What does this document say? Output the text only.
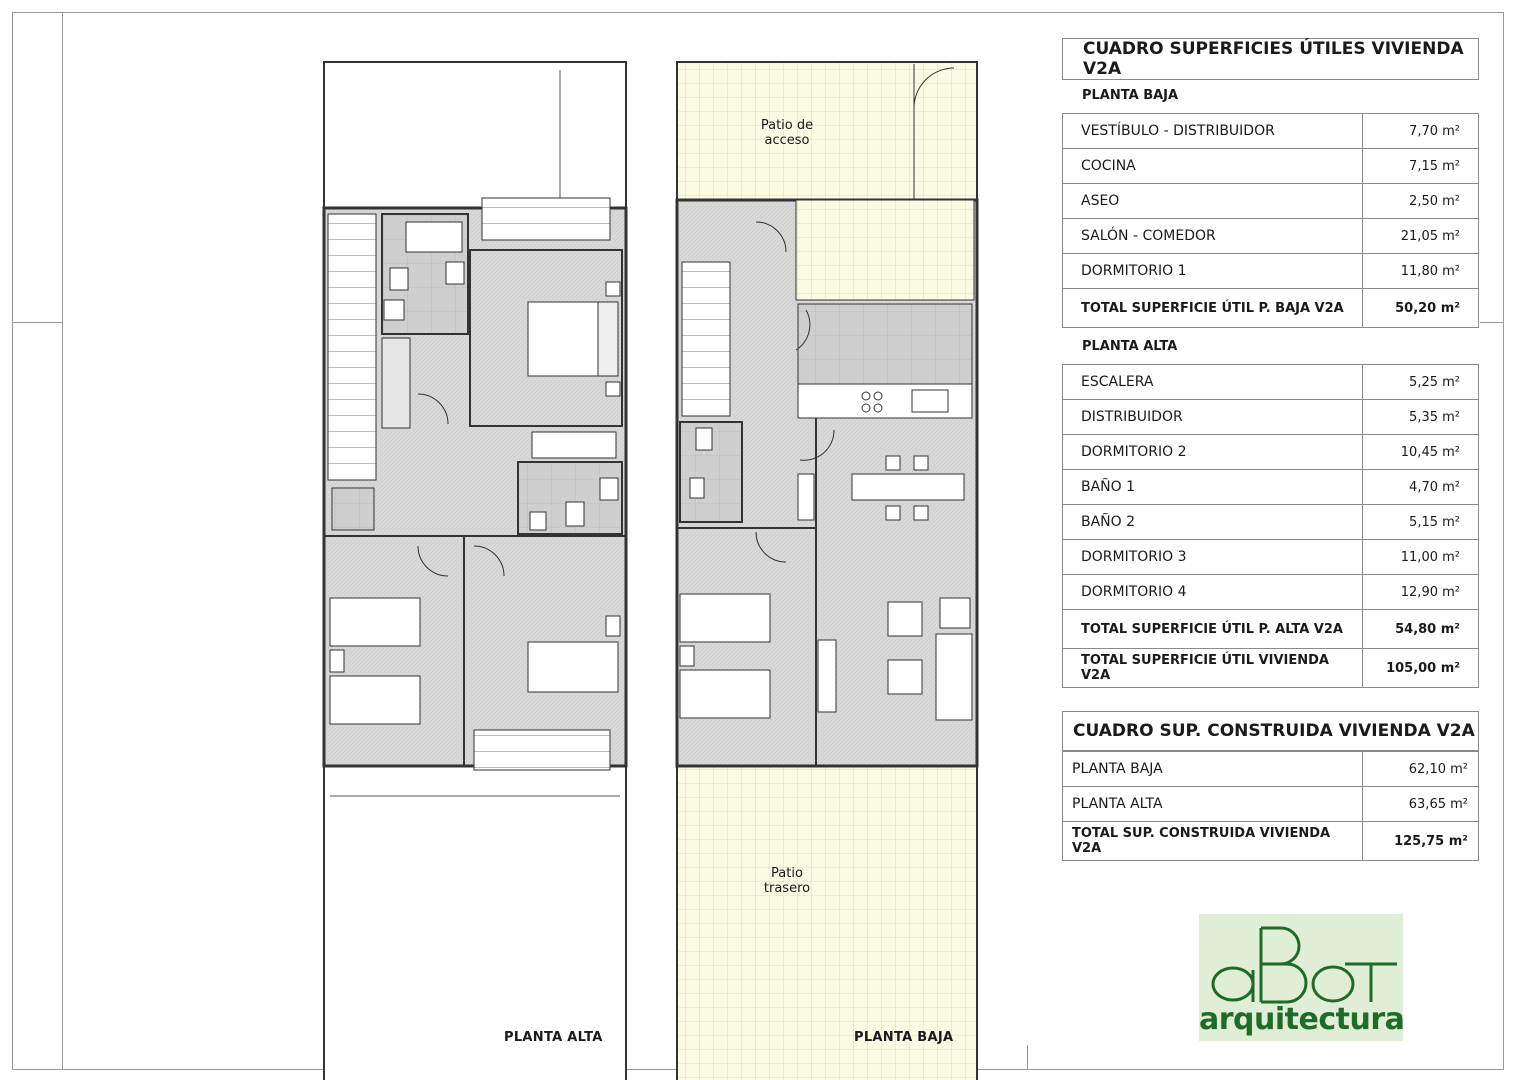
Patio de acceso
Patio trasero
PLANTA ALTA	PLANTA BAJA
CUADRO SUPERFICIES ÚTILES VIVIENDA V2A
PLANTA BAJA
VESTÍBULO - DISTRIBUIDOR	7,70 m²
COCINA	7,15 m²
ASEO	2,50 m²
SALÓN - COMEDOR	21,05 m²
DORMITORIO 1	11,80 m²
TOTAL SUPERFICIE ÚTIL P. BAJA V2A	50,20 m²
PLANTA ALTA
ESCALERA	5,25 m²
DISTRIBUIDOR	5,35 m²
DORMITORIO 2	10,45 m²
BAÑO 1	4,70 m²
BAÑO 2	5,15 m²
DORMITORIO 3	11,00 m²
DORMITORIO 4	12,90 m²
TOTAL SUPERFICIE ÚTIL P. ALTA V2A	54,80 m²
TOTAL SUPERFICIE ÚTIL VIVIENDA V2A	105,00 m²
CUADRO SUP. CONSTRUIDA VIVIENDA V2A
PLANTA BAJA	62,10 m²
PLANTA ALTA	63,65 m²
TOTAL SUP. CONSTRUIDA VIVIENDA V2A	125,75 m²
arquitectura
